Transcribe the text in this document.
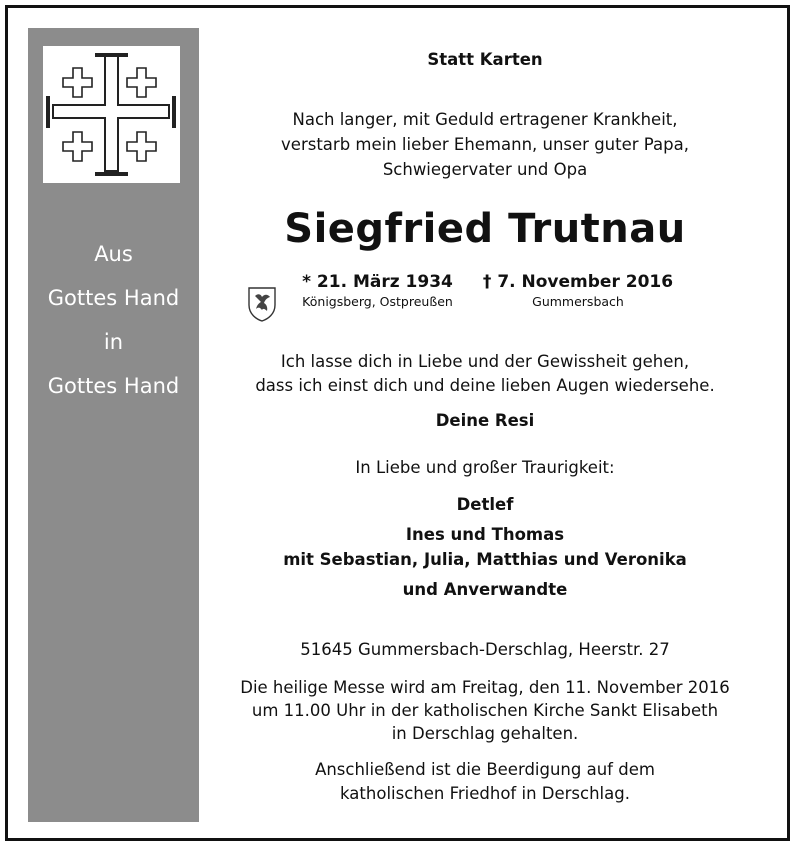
Aus
Gottes Hand
in
Gottes Hand
Statt Karten
Nach langer, mit Geduld ertragener Krankheit,
verstarb mein lieber Ehemann, unser guter Papa,
Schwiegervater und Opa
Siegfried Trutnau
Ich lasse dich in Liebe und der Gewissheit gehen,
dass ich einst dich und deine lieben Augen wiedersehe.
Deine Resi
In Liebe und großer Traurigkeit:
Detlef
Ines und Thomas
mit Sebastian, Julia, Matthias und Veronika
und Anverwandte
51645 Gummersbach-Derschlag, Heerstr. 27
Die heilige Messe wird am Freitag, den 11. November 2016
um 11.00 Uhr in der katholischen Kirche Sankt Elisabeth
in Derschlag gehalten.
Anschließend ist die Beerdigung auf dem
katholischen Friedhof in Derschlag.
* 21. März 1934
Königsberg, Ostpreußen
† 7. November 2016
Gummersbach
